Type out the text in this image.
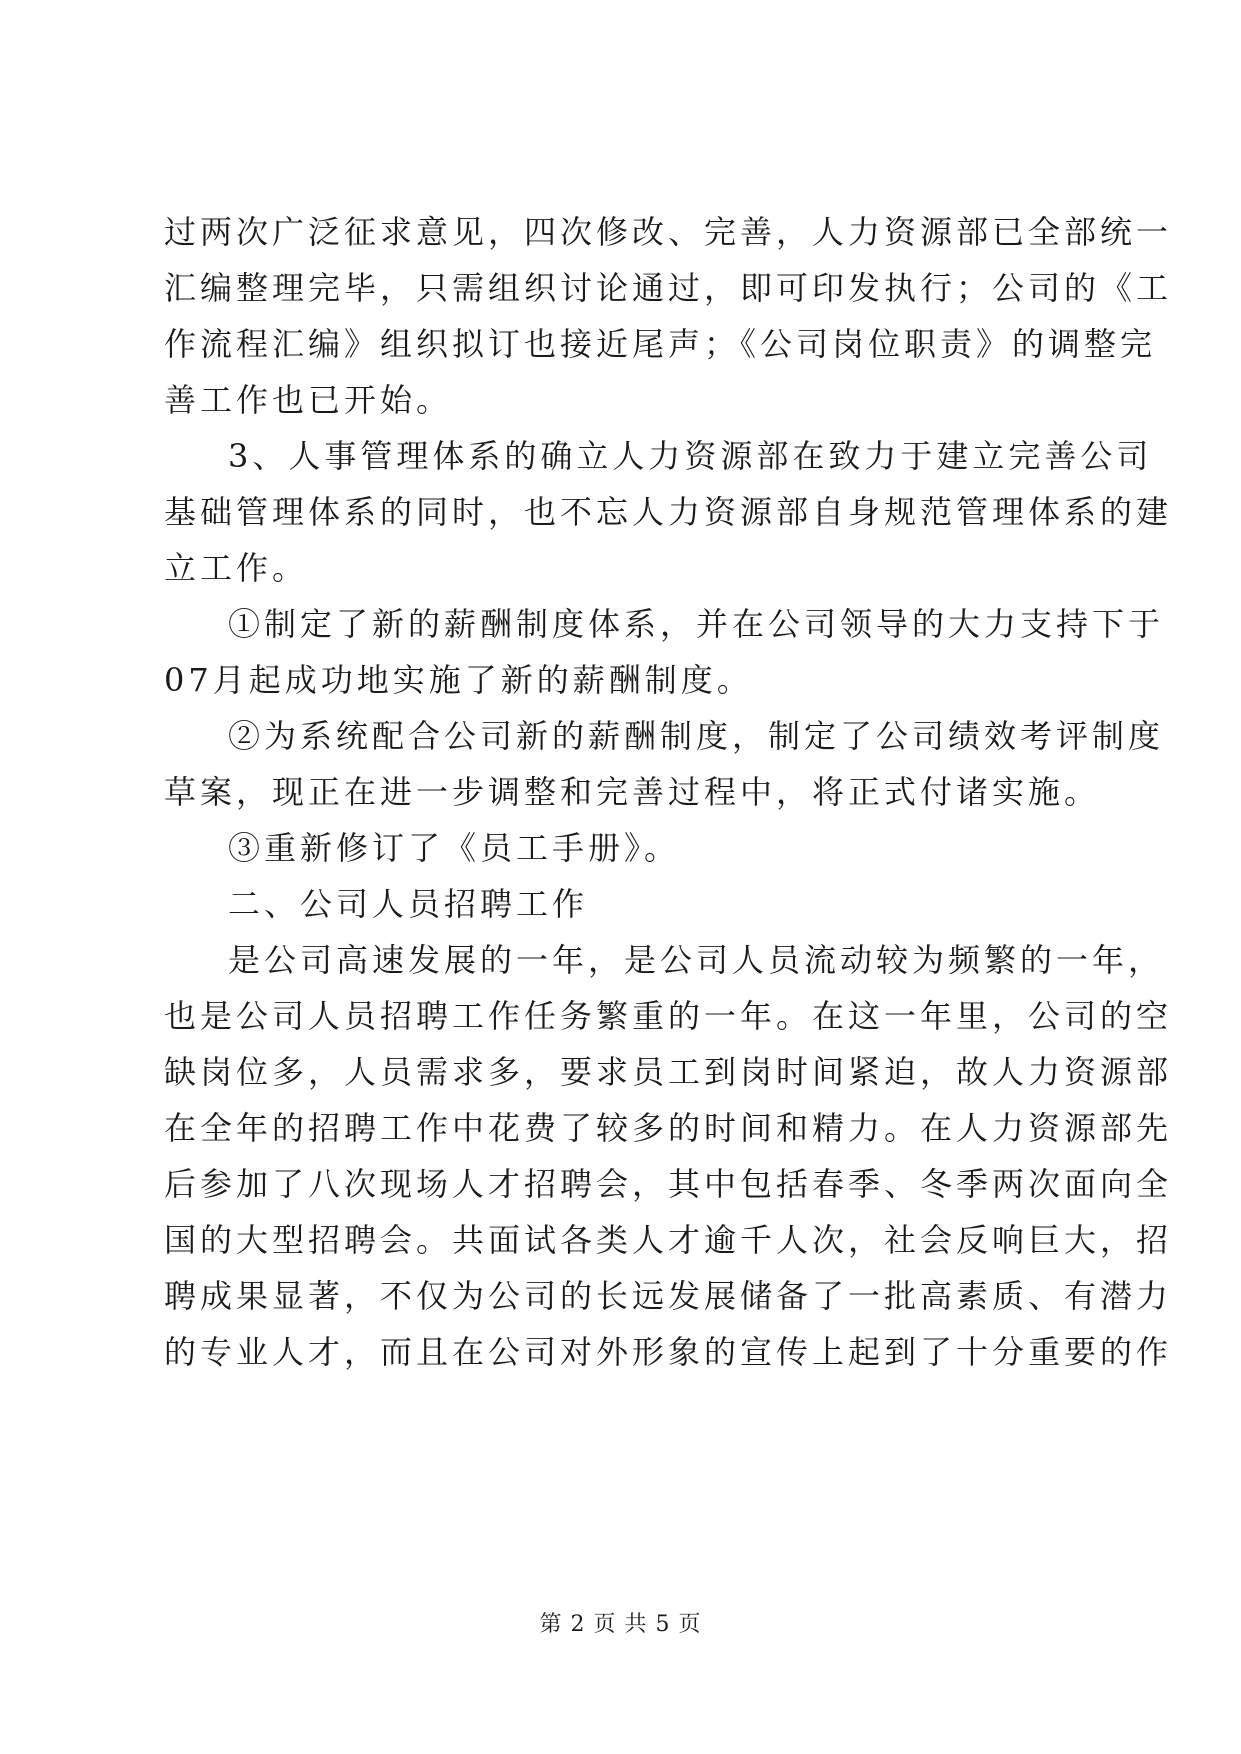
过两次广泛征求意见，四次修改、完善，人力资源部已全部统一
汇编整理完毕，只需组织讨论通过，即可印发执行；公司的《工
作流程汇编》组织拟订也接近尾声；《公司岗位职责》的调整完
善工作也已开始。
3、人事管理体系的确立人力资源部在致力于建立完善公司
基础管理体系的同时，也不忘人力资源部自身规范管理体系的建
立工作。
①制定了新的薪酬制度体系，并在公司领导的大力支持下于
07月起成功地实施了新的薪酬制度。
②为系统配合公司新的薪酬制度，制定了公司绩效考评制度
草案，现正在进一步调整和完善过程中，将正式付诸实施。
③重新修订了《员工手册》。
二、公司人员招聘工作
是公司高速发展的一年，是公司人员流动较为频繁的一年，
也是公司人员招聘工作任务繁重的一年。在这一年里，公司的空
缺岗位多，人员需求多，要求员工到岗时间紧迫，故人力资源部
在全年的招聘工作中花费了较多的时间和精力。在人力资源部先
后参加了八次现场人才招聘会，其中包括春季、冬季两次面向全
国的大型招聘会。共面试各类人才逾千人次，社会反响巨大，招
聘成果显著，不仅为公司的长远发展储备了一批高素质、有潜力
的专业人才，而且在公司对外形象的宣传上起到了十分重要的作
第 2 页 共 5 页
